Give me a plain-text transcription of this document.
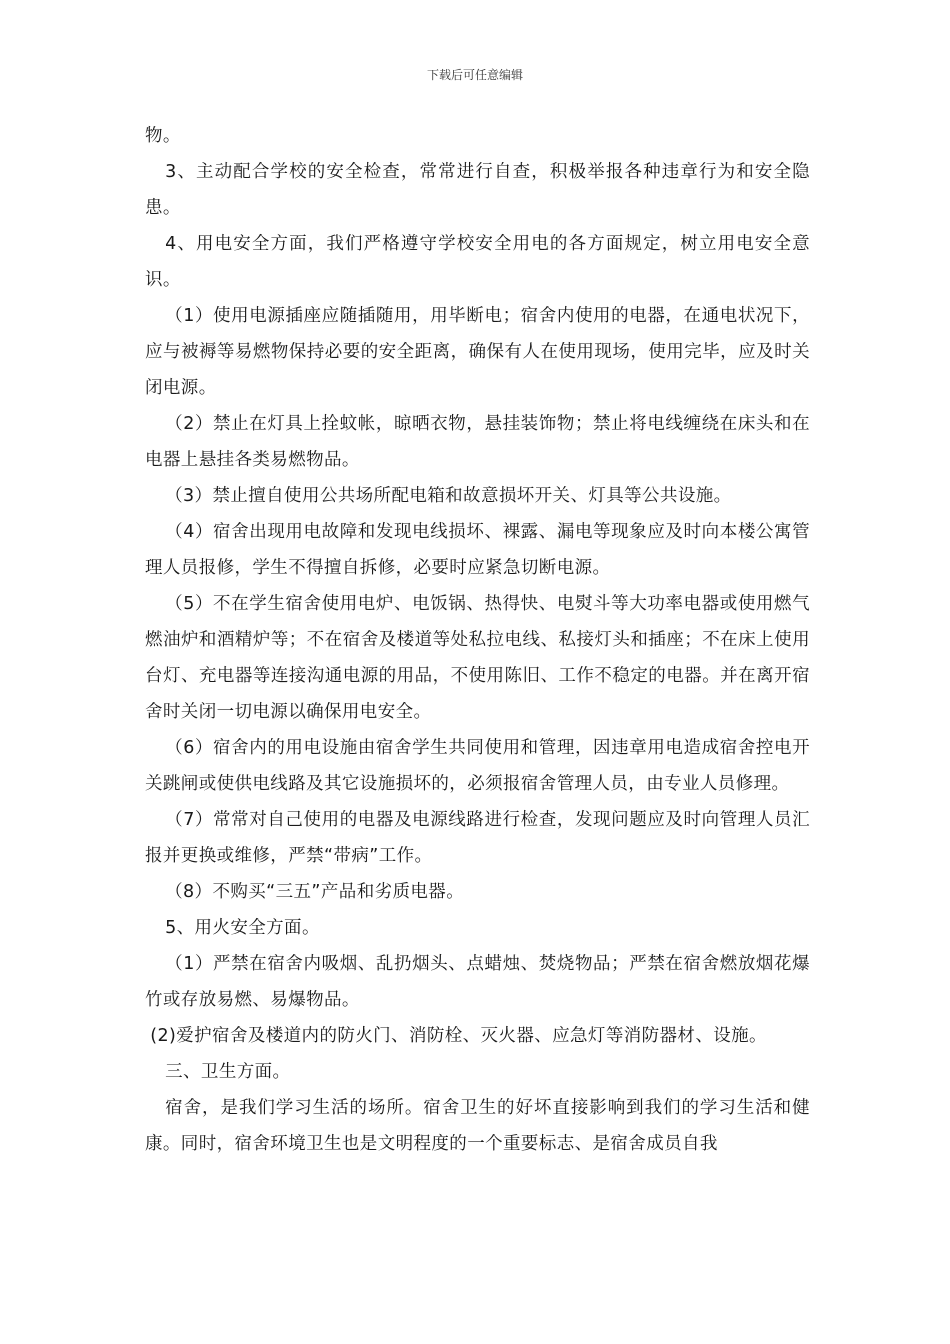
下载后可任意编辑

物。

3、主动配合学校的安全检查，常常进行自查，积极举报各种违章行为和安全隐患。

4、用电安全方面，我们严格遵守学校安全用电的各方面规定，树立用电安全意识。

（1）使用电源插座应随插随用，用毕断电；宿舍内使用的电器，在通电状况下，应与被褥等易燃物保持必要的安全距离，确保有人在使用现场，使用完毕，应及时关闭电源。

（2）禁止在灯具上拴蚊帐，晾晒衣物，悬挂装饰物；禁止将电线缠绕在床头和在电器上悬挂各类易燃物品。

（3）禁止擅自使用公共场所配电箱和故意损坏开关、灯具等公共设施。

（4）宿舍出现用电故障和发现电线损坏、裸露、漏电等现象应及时向本楼公寓管理人员报修，学生不得擅自拆修，必要时应紧急切断电源。

（5）不在学生宿舍使用电炉、电饭锅、热得快、电熨斗等大功率电器或使用燃气燃油炉和酒精炉等；不在宿舍及楼道等处私拉电线、私接灯头和插座；不在床上使用台灯、充电器等连接沟通电源的用品，不使用陈旧、工作不稳定的电器。并在离开宿舍时关闭一切电源以确保用电安全。

（6）宿舍内的用电设施由宿舍学生共同使用和管理，因违章用电造成宿舍控电开关跳闸或使供电线路及其它设施损坏的，必须报宿舍管理人员，由专业人员修理。

（7）常常对自己使用的电器及电源线路进行检查，发现问题应及时向管理人员汇报并更换或维修，严禁“带病”工作。

（8）不购买“三五”产品和劣质电器。

5、用火安全方面。

（1）严禁在宿舍内吸烟、乱扔烟头、点蜡烛、焚烧物品；严禁在宿舍燃放烟花爆竹或存放易燃、易爆物品。

(2)爱护宿舍及楼道内的防火门、消防栓、灭火器、应急灯等消防器材、设施。

三、卫生方面。

宿舍，是我们学习生活的场所。宿舍卫生的好坏直接影响到我们的学习生活和健康。同时，宿舍环境卫生也是文明程度的一个重要标志、是宿舍成员自我
